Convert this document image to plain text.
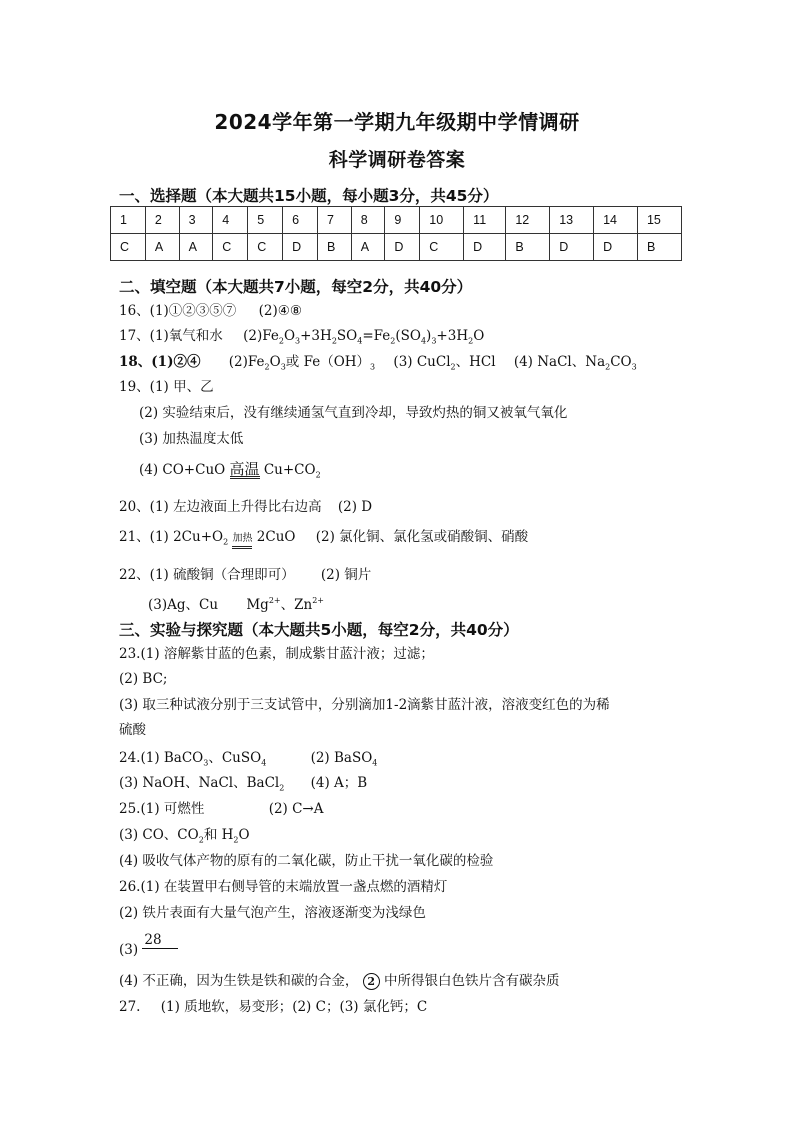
2024学年第一学期九年级期中学情调研
科学调研卷答案
一、选择题（本大题共15小题，每小题3分，共45分）
1	2	3	4	5	6	7	8	9	10	11	12	13	14	15
C	A	A	C	C	D	B	A	D	C	D	B	D	D	B
二、填空题（本大题共7小题，每空2分，共40分）
16、(1)①②③⑤⑦ (2)④⑧
17、(1)氧气和水 $(2)Fe_2O_3+3H_2SO_4=Fe_2(SO_4)_3+3H_2O$
18、(1)②④ $(2)Fe_2O_3$或 $Fe(OH)_3$ (3) CuCl$_2$、HCl (4) NaCl、$Na_2CO_3$
19、(1) 甲、乙
(2) 实验结束后，没有继续通氢气直到冷却，导致灼热的铜又被氧气氧化
(3) 加热温度太低
(4) CO+CuO 高温 $Cu+CO_2$
20、(1) 左边液面上升得比右边高 (2) D
21、(1) $2Cu+O_2$ 加热 2CuO (2) 氯化铜、氯化氢或硝酸铜、硝酸
22、(1) 硫酸铜（合理即可） (2) 铜片
(3)Ag、Cu $Mg^{2+}$、$Zn^{2+}$
三、实验与探究题（本大题共5小题，每空2分，共40分）
23.(1) 溶解紫甘蓝的色素，制成紫甘蓝汁液；过滤；
(2) BC;
(3) 取三种试液分别于三支试管中，分别滴加1-2滴紫甘蓝汁液，溶液变红色的为稀
硫酸
24.(1) BaCO$_3$、CuSO$_4$	(2) BaSO$_4$
(3) NaOH、NaCl、BaCl$_2$ (4) A；B
25.(1) 可燃性	(2) C→A
(3) CO、$CO_2$和 $H_2O$
(4) 吸收气体产物的原有的二氧化碳，防止干扰一氧化碳的检验
26.(1) 在装置甲右侧导管的末端放置一盏点燃的酒精灯
(2) 铁片表面有大量气泡产生，溶液逐渐变为浅绿色
(3) 28
(4) 不正确，因为生铁是铁和碳的合金， 2 中所得银白色铁片含有碳杂质
27. (1) 质地软，易变形；(2) C；(3) 氯化钙；C
